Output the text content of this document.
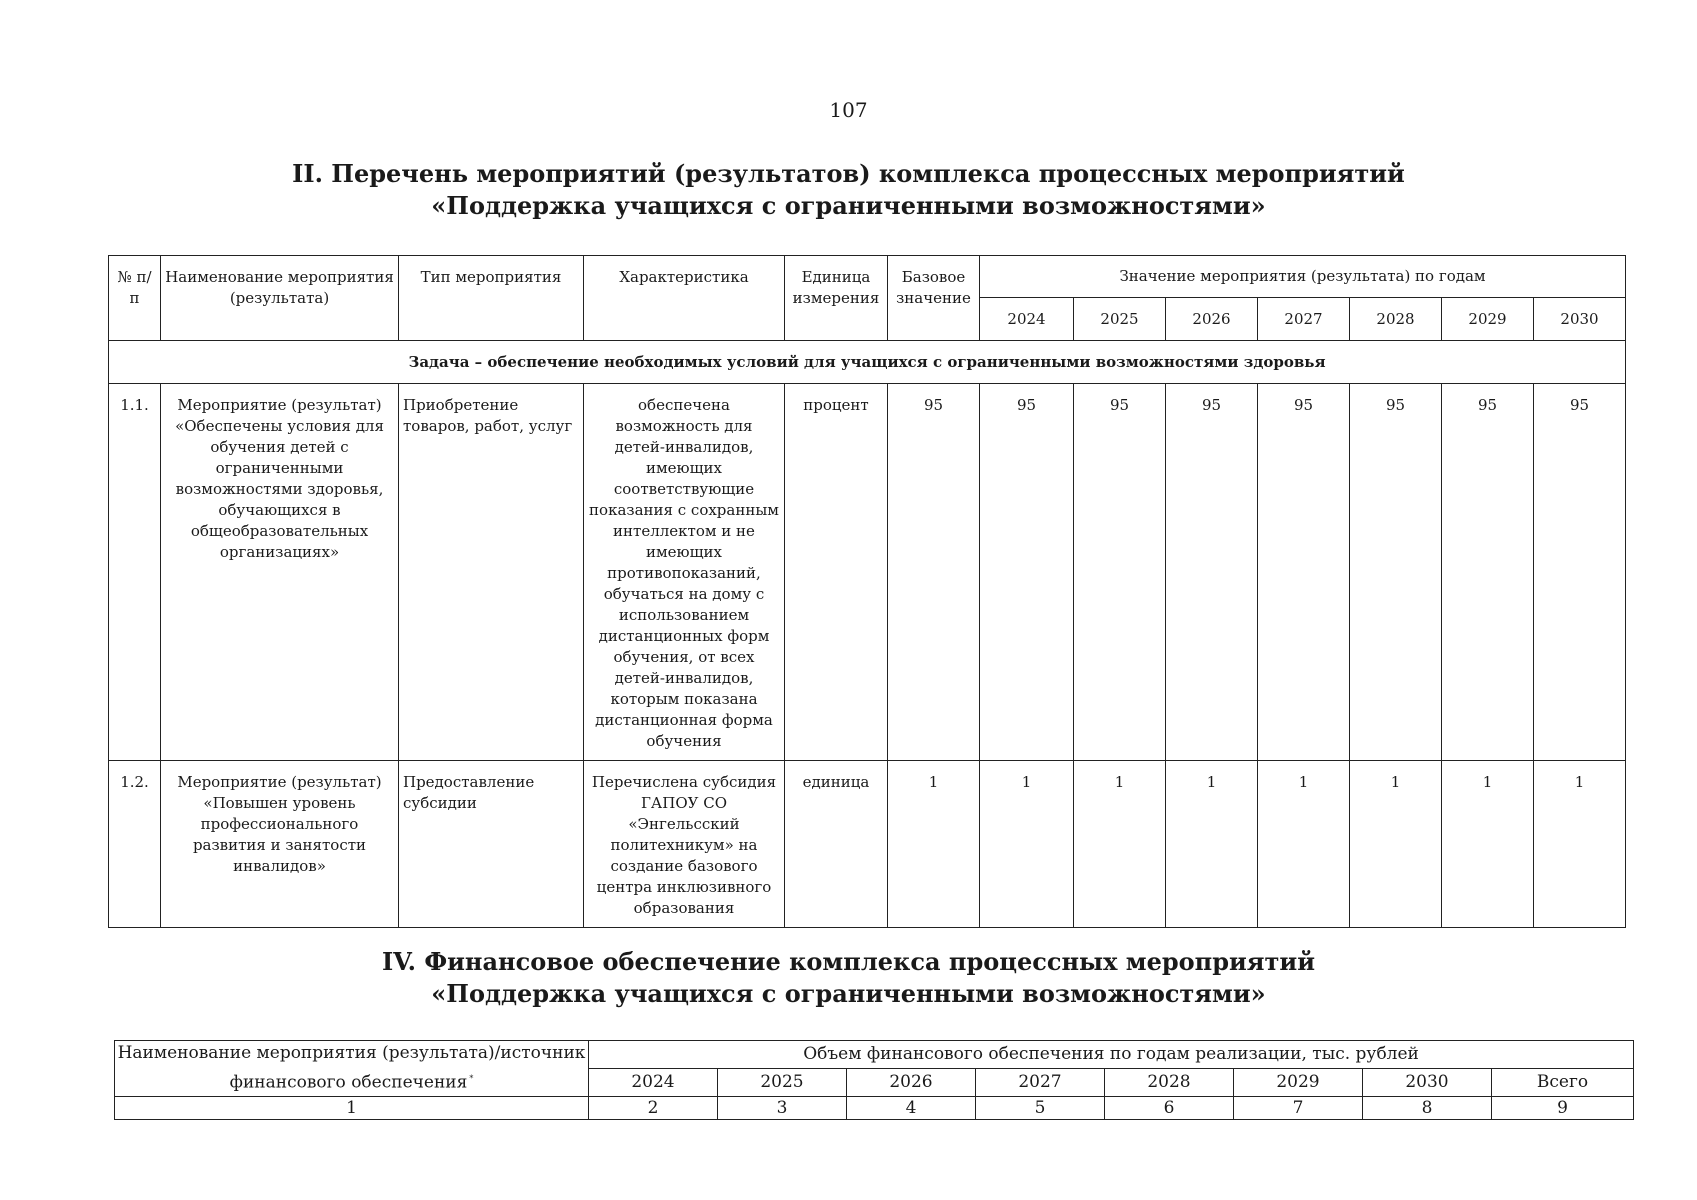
107
II. Перечень мероприятий (результатов) комплекса процессных мероприятий
«Поддержка учащихся с ограниченными возможностями»
№ п/п	Наименование мероприятия (результата)	Тип мероприятия	Характеристика	Единица измерения	Базовое значение	Значение мероприятия (результата) по годам						
						2024	2025	2026	2027	2028	2029	2030
Задача – обеспечение необходимых условий для учащихся с ограниченными возможностями здоровья												
1.1.	Мероприятие (результат) «Обеспечены условия для обучения детей с ограниченными возможностями здоровья, обучающихся в общеобразовательных организациях»	Приобретение товаров, работ, услуг	обеспечена возможность для детей-инвалидов, имеющих соответствующие показания с сохранным интеллектом и не имеющих противопоказаний, обучаться на дому с использованием дистанционных форм обучения, от всех детей-инвалидов, которым показана дистанционная форма обучения	процент	95	95	95	95	95	95	95	95
1.2.	Мероприятие (результат) «Повышен уровень профессионального развития и занятости инвалидов»	Предоставление субсидии	Перечислена субсидия ГАПОУ СО «Энгельсский политехникум» на создание базового центра инклюзивного образования	единица	1	1	1	1	1	1	1	1
IV. Финансовое обеспечение комплекса процессных мероприятий
«Поддержка учащихся с ограниченными возможностями»
Наименование мероприятия (результата)/источник финансового обеспечения *	Объем финансового обеспечения по годам реализации, тыс. рублей							
	2024	2025	2026	2027	2028	2029	2030	Всего
1	2	3	4	5	6	7	8	9
